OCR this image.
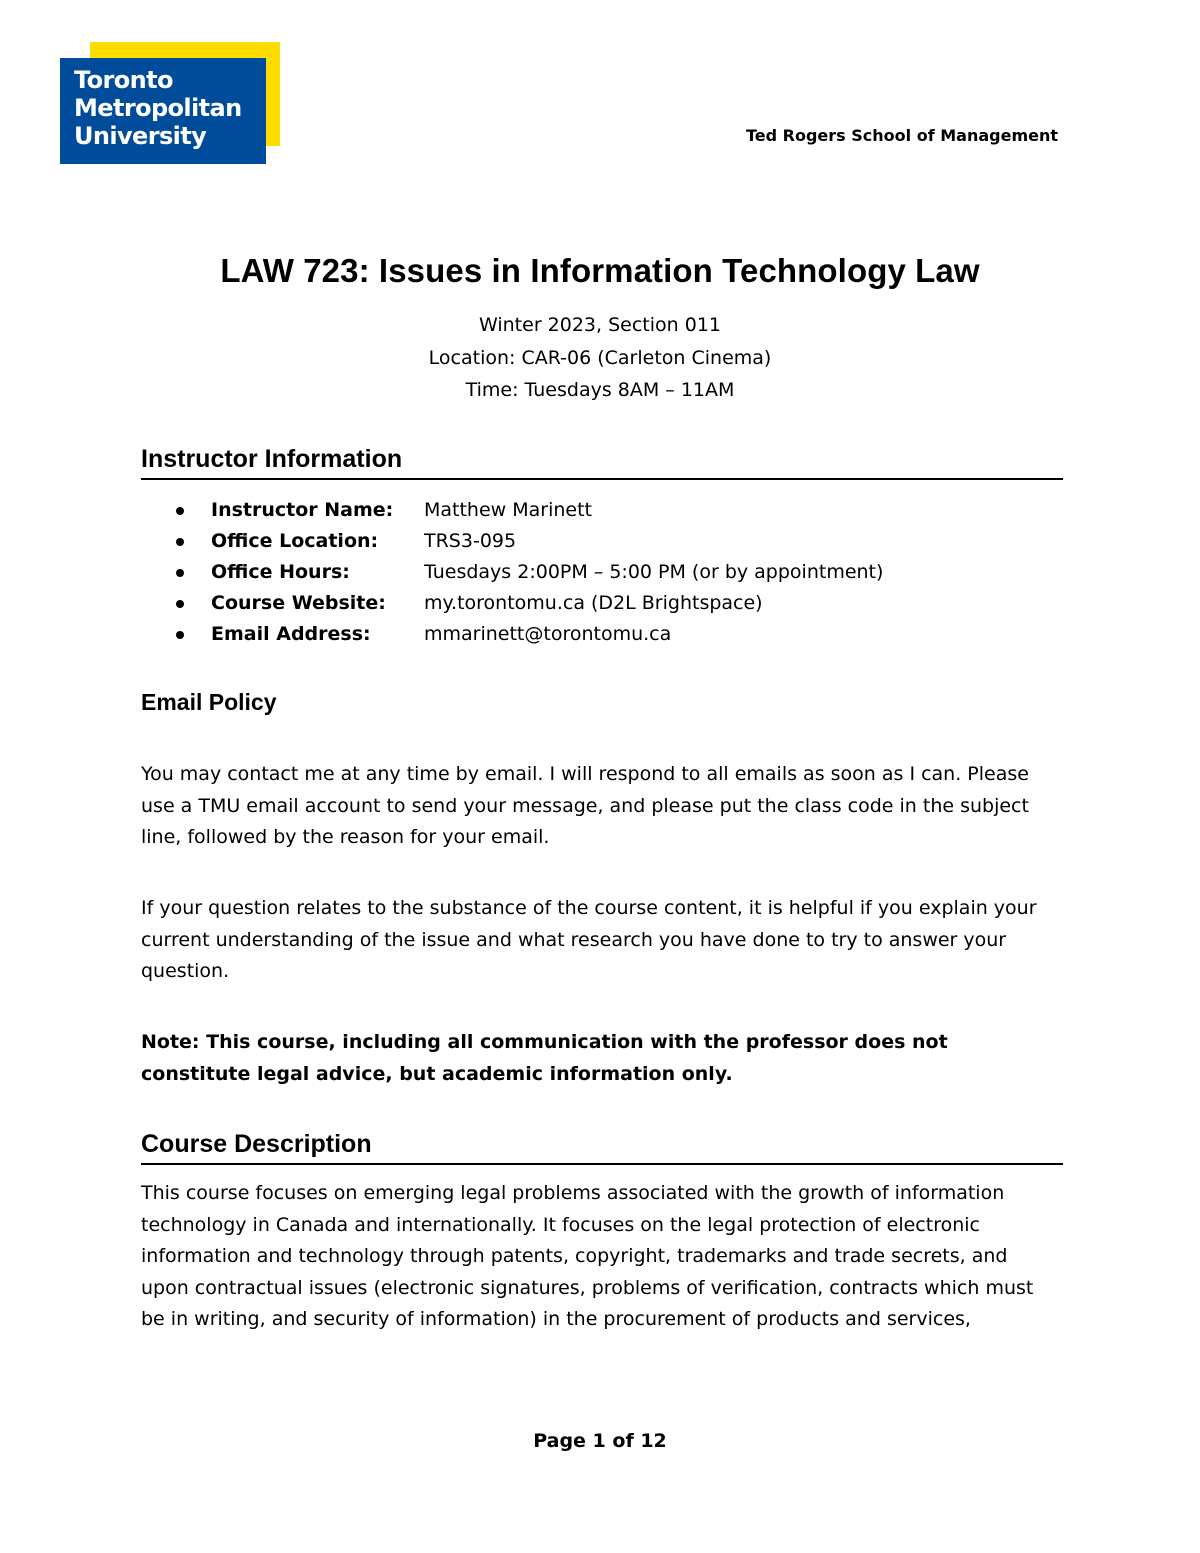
Toronto
Metropolitan
University	Ted Rogers School of Management
LAW 723: Issues in Information Technology Law
Winter 2023, Section 011
Location: CAR-06 (Carleton Cinema)
Time: Tuesdays 8AM – 11AM
Instructor Information
Instructor Name: Matthew Marinett
Office Location: TRS3-095
Office Hours:	Tuesdays 2:00PM – 5:00 PM (or by appointment)
Course Website: my.torontomu.ca (D2L Brightspace)
Email Address:	mmarinett@torontomu.ca
Email Policy
You may contact me at any time by email. I will respond to all emails as soon as I can. Please use a TMU email account to send your message, and please put the class code in the subject line, followed by the reason for your email.
If your question relates to the substance of the course content, it is helpful if you explain your current understanding of the issue and what research you have done to try to answer your question.
Note: This course, including all communication with the professor does not constitute legal advice, but academic information only.
Course Description
This course focuses on emerging legal problems associated with the growth of information technology in Canada and internationally. It focuses on the legal protection of electronic information and technology through patents, copyright, trademarks and trade secrets, and upon contractual issues (electronic signatures, problems of verification, contracts which must be in writing, and security of information) in the procurement of products and services,
Page 1 of 12
